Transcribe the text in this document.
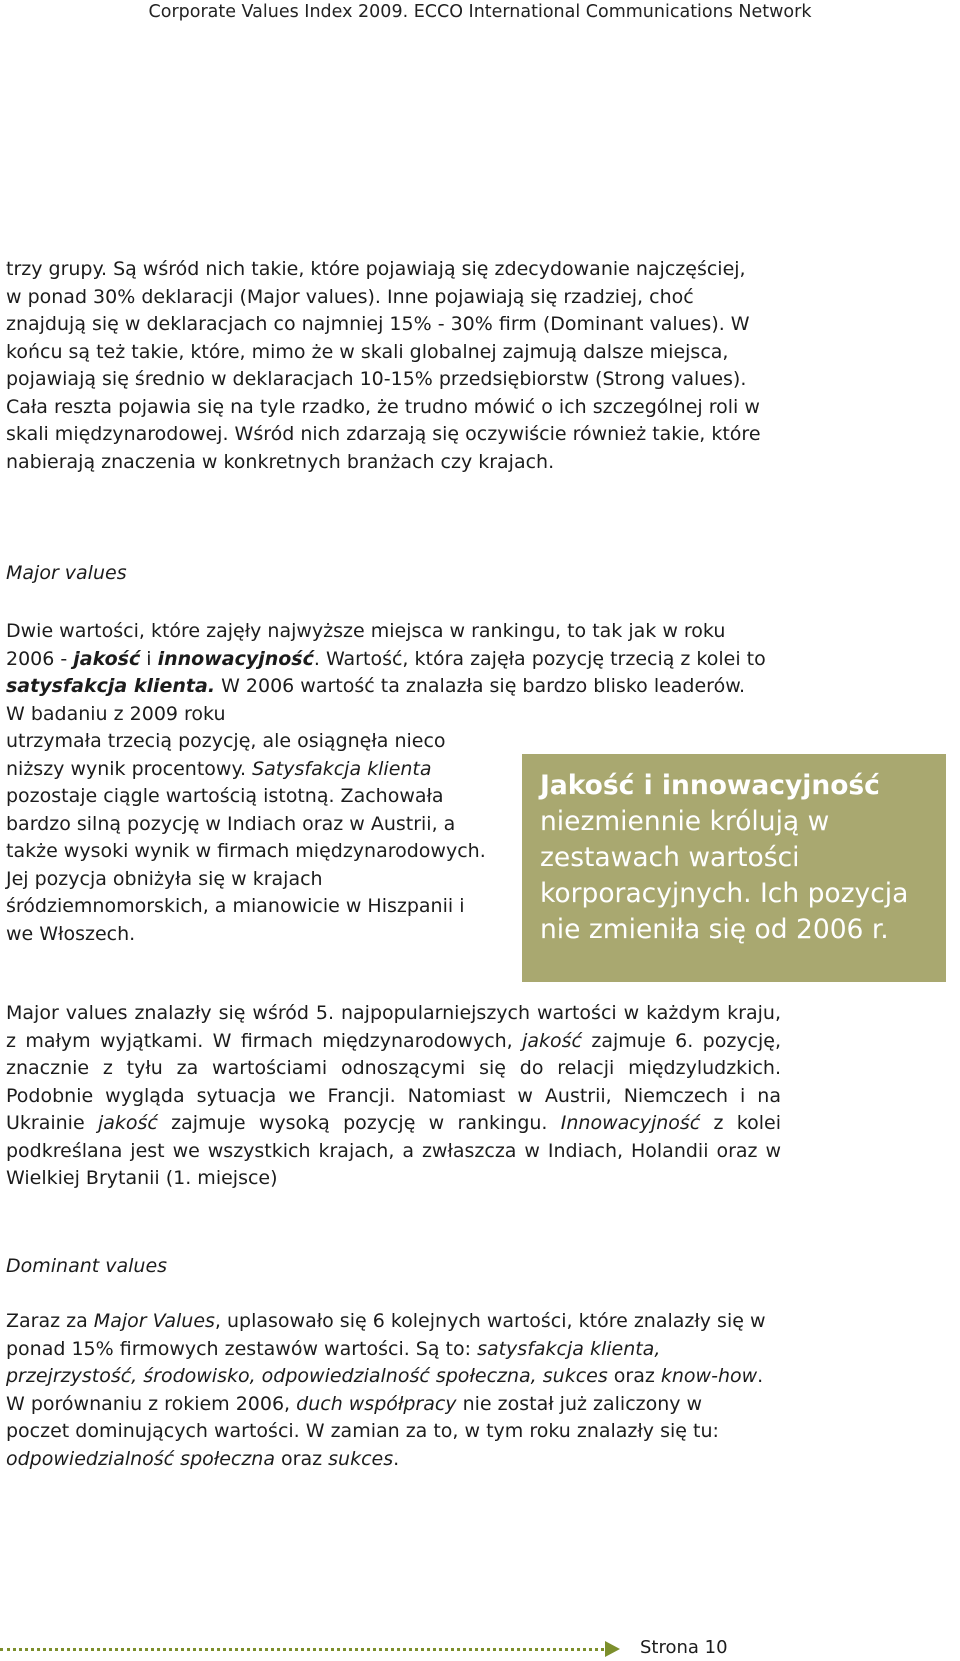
Corporate Values Index 2009. ECCO International Communications Network

trzy grupy. Są wśród nich takie, które pojawiają się zdecydowanie najczęściej, w ponad 30% deklaracji (Major values). Inne pojawiają się rzadziej, choć znajdują się w deklaracjach co najmniej 15% - 30% firm (Dominant values). W końcu są też takie, które, mimo że w skali globalnej zajmują dalsze miejsca, pojawiają się średnio w deklaracjach 10-15% przedsiębiorstw (Strong values). Cała reszta pojawia się na tyle rzadko, że trudno mówić o ich szczególnej roli w skali międzynarodowej. Wśród nich zdarzają się oczywiście również takie, które nabierają znaczenia w konkretnych branżach czy krajach.

Major values

Dwie wartości, które zajęły najwyższe miejsca w rankingu, to tak jak w roku 2006 - jakość i innowacyjność. Wartość, która zajęła pozycję trzecią z kolei to satysfakcja klienta. W 2006 wartość ta znalazła się bardzo blisko leaderów. W badaniu z 2009 roku

utrzymała trzecią pozycję, ale osiągnęła nieco niższy wynik procentowy. Satysfakcja klienta pozostaje ciągle wartością istotną. Zachowała bardzo silną pozycję w Indiach oraz w Austrii, a także wysoki wynik w firmach międzynarodowych. Jej pozycja obniżyła się w krajach śródziemnomorskich, a mianowicie w Hiszpanii i we Włoszech.

Jakość i innowacyjność niezmiennie królują w zestawach wartości korporacyjnych. Ich pozycja nie zmieniła się od 2006 r.

Major values znalazły się wśród 5. najpopularniejszych wartości w każdym kraju, z małym wyjątkami. W firmach międzynarodowych, jakość zajmuje 6. pozycję, znacznie z tyłu za wartościami odnoszącymi się do relacji międzyludzkich. Podobnie wygląda sytuacja we Francji. Natomiast w Austrii, Niemczech i na Ukrainie jakość zajmuje wysoką pozycję w rankingu. Innowacyjność z kolei podkreślana jest we wszystkich krajach, a zwłaszcza w Indiach, Holandii oraz w Wielkiej Brytanii (1. miejsce)

Dominant values

Zaraz za Major Values, uplasowało się 6 kolejnych wartości, które znalazły się w ponad 15% firmowych zestawów wartości. Są to: satysfakcja klienta, przejrzystość, środowisko, odpowiedzialność społeczna, sukces oraz know-how.

W porównaniu z rokiem 2006, duch współpracy nie został już zaliczony w poczet dominujących wartości. W zamian za to, w tym roku znalazły się tu: odpowiedzialność społeczna oraz sukces.

Strona 10
